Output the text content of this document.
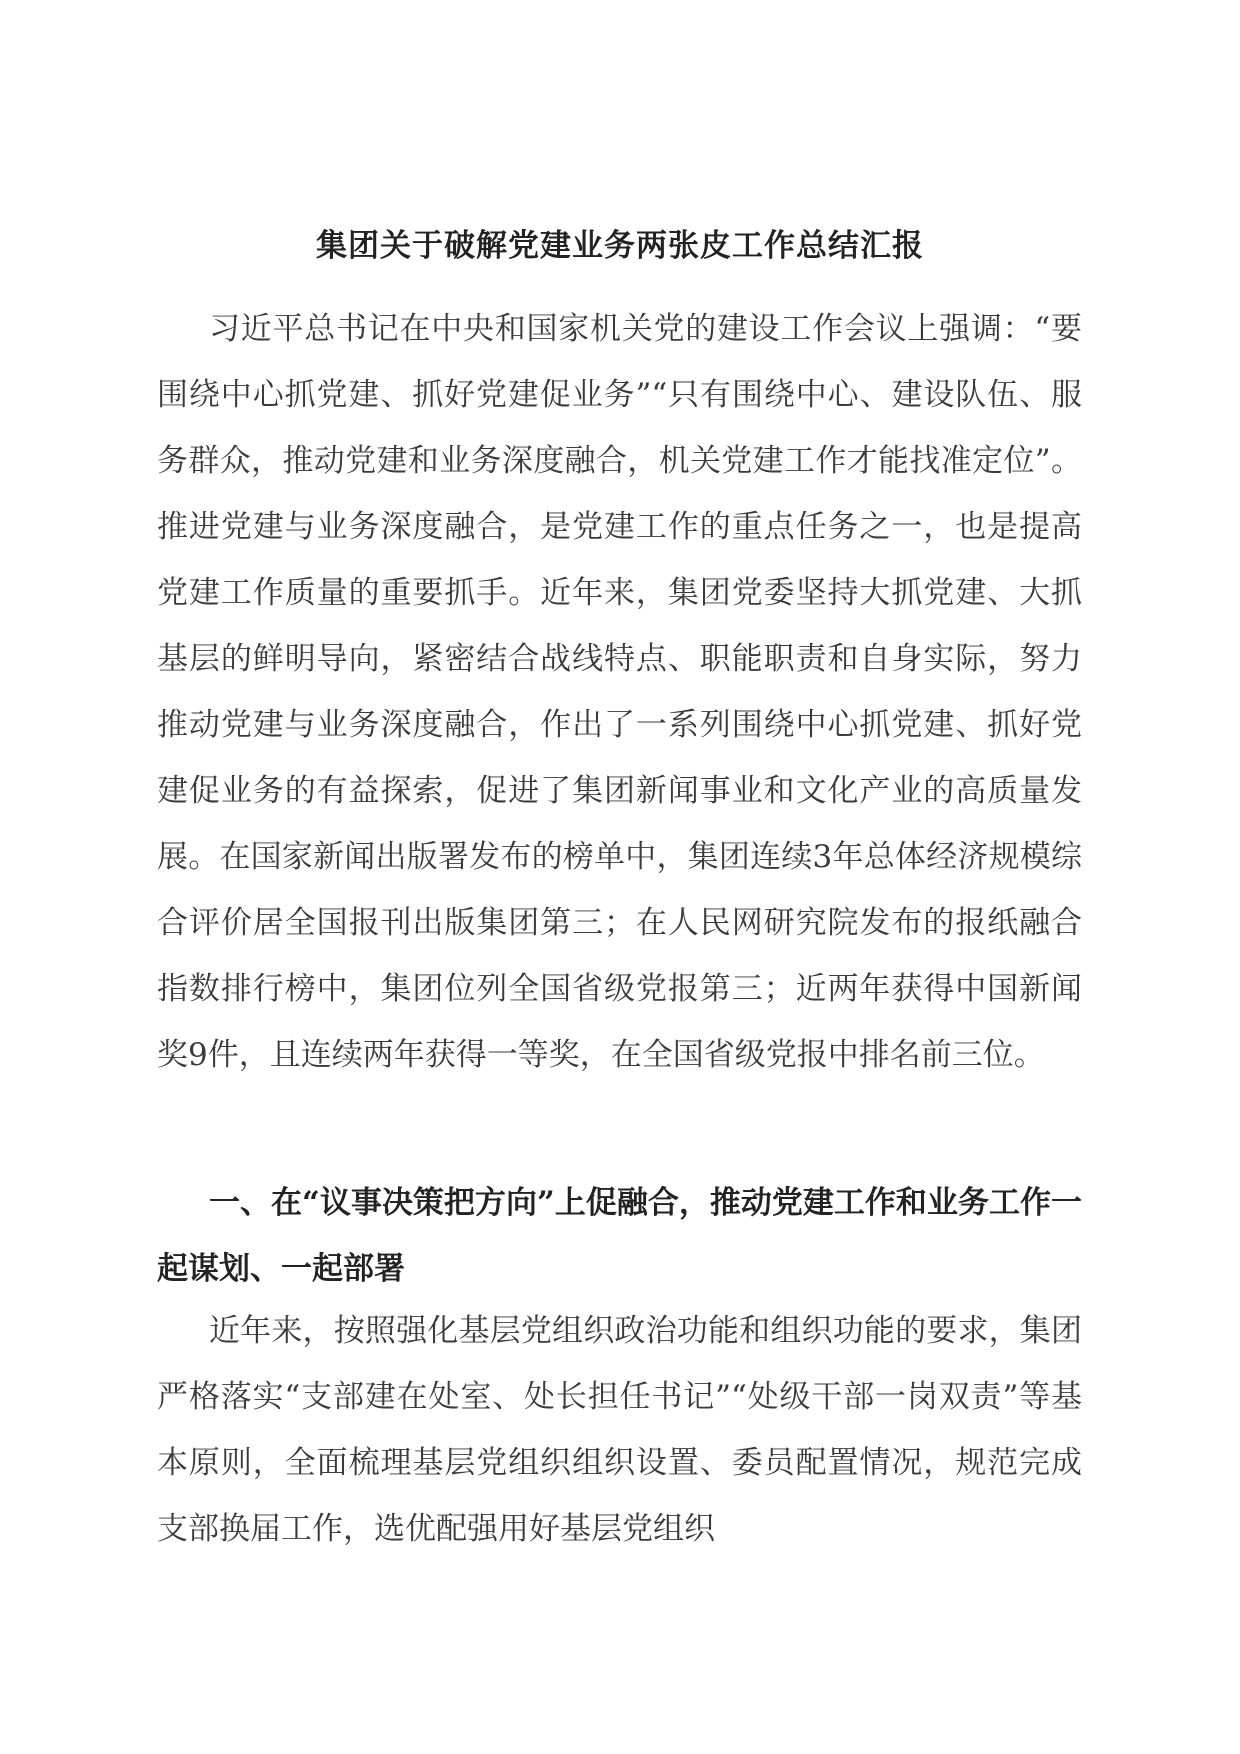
集团关于破解党建业务两张皮工作总结汇报
习近平总书记在中央和国家机关党的建设工作会议上强调：“要围绕中心抓党建、抓好党建促业务”“只有围绕中心、建设队伍、服务群众，推动党建和业务深度融合，机关党建工作才能找准定位”。推进党建与业务深度融合，是党建工作的重点任务之一，也是提高党建工作质量的重要抓手。近年来，集团党委坚持大抓党建、大抓基层的鲜明导向，紧密结合战线特点、职能职责和自身实际，努力推动党建与业务深度融合，作出了一系列围绕中心抓党建、抓好党建促业务的有益探索，促进了集团新闻事业和文化产业的高质量发展。在国家新闻出版署发布的榜单中，集团连续3年总体经济规模综合评价居全国报刊出版集团第三；在人民网研究院发布的报纸融合指数排行榜中，集团位列全国省级党报第三；近两年获得中国新闻奖9件，且连续两年获得一等奖，在全国省级党报中排名前三位。
一、在“议事决策把方向”上促融合，推动党建工作和业务工作一起谋划、一起部署
近年来，按照强化基层党组织政治功能和组织功能的要求，集团严格落实“支部建在处室、处长担任书记”“处级干部一岗双责”等基本原则，全面梳理基层党组织组织设置、委员配置情况，规范完成支部换届工作，选优配强用好基层党组织
